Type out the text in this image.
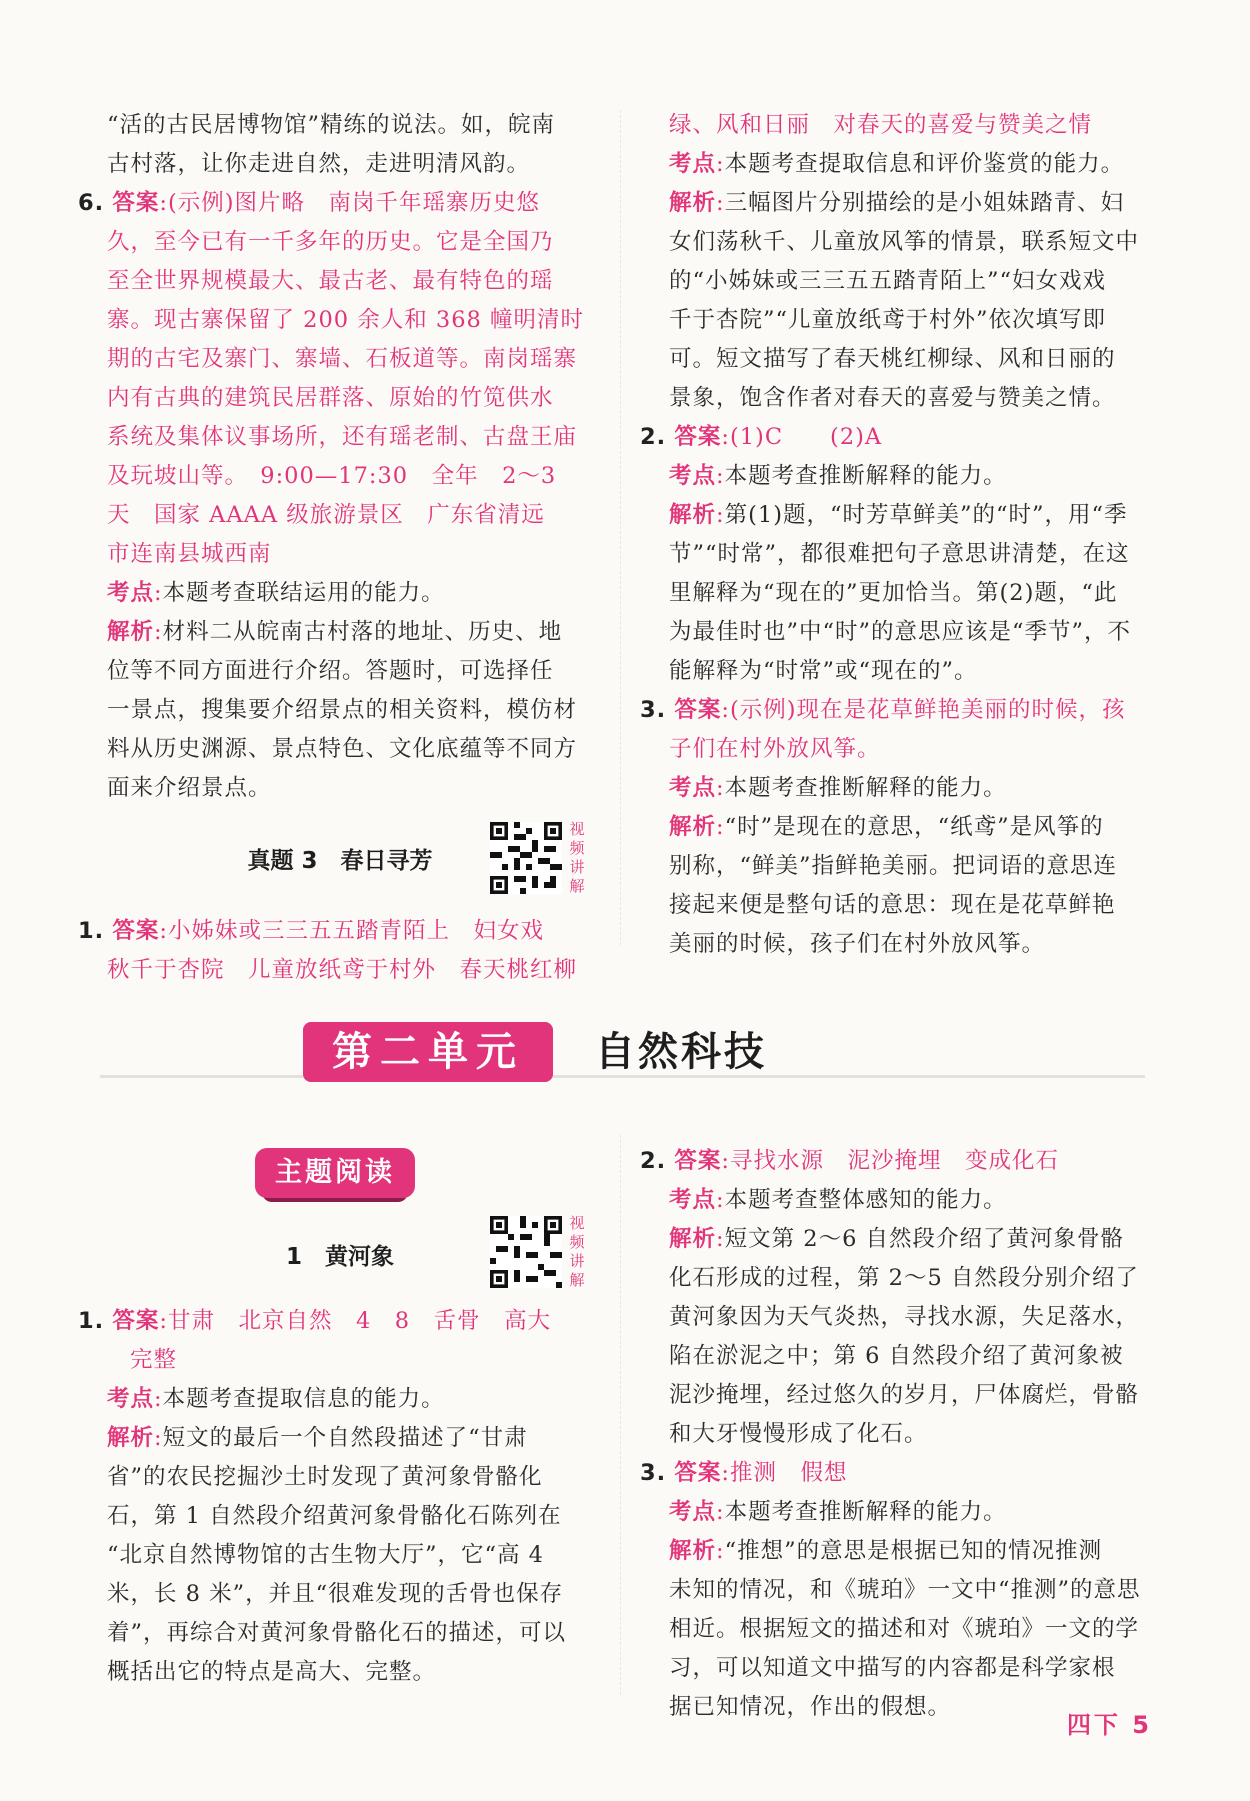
“活的古民居博物馆”精练的说法。如，皖南

古村落，让你走进自然，走进明清风韵。

6. 答案:(示例)图片略　南岗千年瑶寨历史悠

久，至今已有一千多年的历史。它是全国乃

至全世界规模最大、最古老、最有特色的瑶

寨。现古寨保留了 200 余人和 368 幢明清时

期的古宅及寨门、寨墙、石板道等。南岗瑶寨

内有古典的建筑民居群落、原始的竹笕供水

系统及集体议事场所，还有瑶老制、古盘王庙

及玩坡山等。　9:00—17:30　全年　2～3

天　国家 AAAA 级旅游景区　广东省清远

市连南县城西南

考点:本题考查联结运用的能力。

解析:材料二从皖南古村落的地址、历史、地

位等不同方面进行介绍。答题时，可选择任

一景点，搜集要介绍景点的相关资料，模仿材

料从历史渊源、景点特色、文化底蕴等不同方

面来介绍景点。

真题 3　春日寻芳
视频讲解

1. 答案:小姊妹或三三五五踏青陌上　妇女戏

秋千于杏院　儿童放纸鸢于村外　春天桃红柳

绿、风和日丽　对春天的喜爱与赞美之情

考点:本题考查提取信息和评价鉴赏的能力。

解析:三幅图片分别描绘的是小姐妹踏青、妇

女们荡秋千、儿童放风筝的情景，联系短文中

的“小姊妹或三三五五踏青陌上”“妇女戏戏

千于杏院”“儿童放纸鸢于村外”依次填写即

可。短文描写了春天桃红柳绿、风和日丽的

景象，饱含作者对春天的喜爱与赞美之情。

2. 答案:(1)C　　(2)A

考点:本题考查推断解释的能力。

解析:第(1)题，“时芳草鲜美”的“时”，用“季

节”“时常”，都很难把句子意思讲清楚，在这

里解释为“现在的”更加恰当。第(2)题，“此

为最佳时也”中“时”的意思应该是“季节”，不

能解释为“时常”或“现在的”。

3. 答案:(示例)现在是花草鲜艳美丽的时候，孩

子们在村外放风筝。

考点:本题考查推断解释的能力。

解析:“时”是现在的意思，“纸鸢”是风筝的

别称，“鲜美”指鲜艳美丽。把词语的意思连

接起来便是整句话的意思：现在是花草鲜艳

美丽的时候，孩子们在村外放风筝。

第二单元	自然科技
主题阅读
1　黄河象
视频讲解

1. 答案:甘肃　北京自然　4　8　舌骨　高大

完整

考点:本题考查提取信息的能力。

解析:短文的最后一个自然段描述了“甘肃

省”的农民挖掘沙土时发现了黄河象骨骼化

石，第 1 自然段介绍黄河象骨骼化石陈列在

“北京自然博物馆的古生物大厅”，它“高 4

米，长 8 米”，并且“很难发现的舌骨也保存

着”，再综合对黄河象骨骼化石的描述，可以

概括出它的特点是高大、完整。

2. 答案:寻找水源　泥沙掩埋　变成化石

考点:本题考查整体感知的能力。

解析:短文第 2～6 自然段介绍了黄河象骨骼

化石形成的过程，第 2～5 自然段分别介绍了

黄河象因为天气炎热，寻找水源，失足落水，

陷在淤泥之中；第 6 自然段介绍了黄河象被

泥沙掩埋，经过悠久的岁月，尸体腐烂，骨骼

和大牙慢慢形成了化石。

3. 答案:推测　假想

考点:本题考查推断解释的能力。

解析:“推想”的意思是根据已知的情况推测

未知的情况，和《琥珀》一文中“推测”的意思

相近。根据短文的描述和对《琥珀》一文的学

习，可以知道文中描写的内容都是科学家根

据已知情况，作出的假想。

四下 5
